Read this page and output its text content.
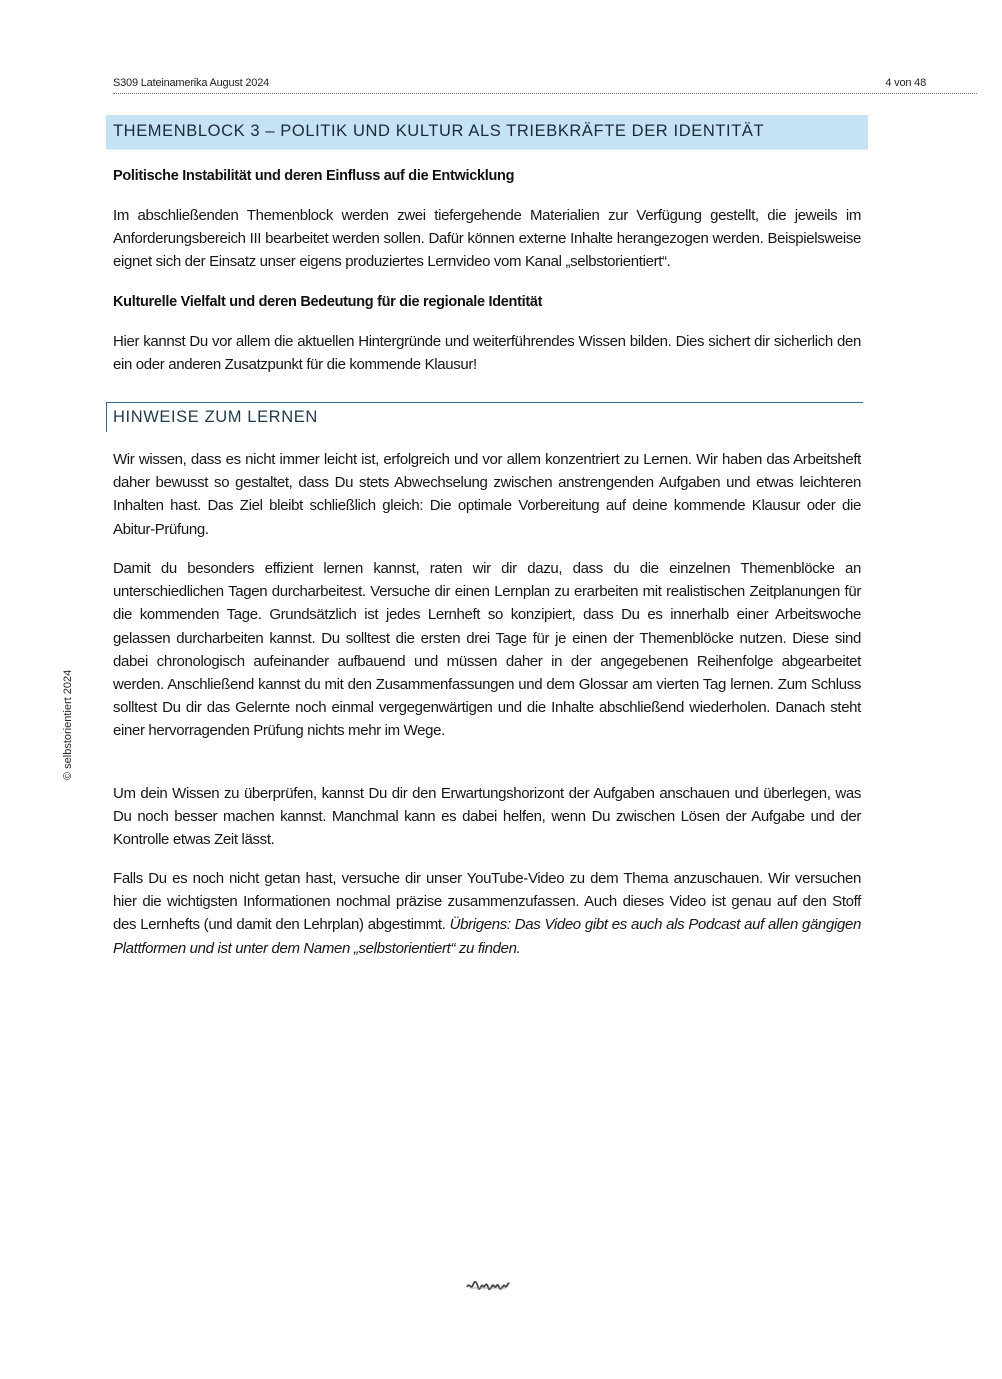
S309 Lateinamerika August 2024	4 von 48
THEMENBLOCK 3 – POLITIK UND KULTUR ALS TRIEBKRÄFTE DER IDENTITÄT
Politische Instabilität und deren Einfluss auf die Entwicklung
Im abschließenden Themenblock werden zwei tiefergehende Materialien zur Verfügung gestellt, die jeweils im Anforderungsbereich III bearbeitet werden sollen. Dafür können externe Inhalte herangezogen werden. Beispielsweise eignet sich der Einsatz unser eigens produziertes Lernvideo vom Kanal „selbstorientiert“.
Kulturelle Vielfalt und deren Bedeutung für die regionale Identität
Hier kannst Du vor allem die aktuellen Hintergründe und weiterführendes Wissen bilden. Dies sichert dir sicherlich den ein oder anderen Zusatzpunkt für die kommende Klausur!
HINWEISE ZUM LERNEN
Wir wissen, dass es nicht immer leicht ist, erfolgreich und vor allem konzentriert zu Lernen. Wir haben das Arbeitsheft daher bewusst so gestaltet, dass Du stets Abwechselung zwischen anstrengenden Aufgaben und etwas leichteren Inhalten hast. Das Ziel bleibt schließlich gleich: Die optimale Vorbereitung auf deine kommende Klausur oder die Abitur-Prüfung.
Damit du besonders effizient lernen kannst, raten wir dir dazu, dass du die einzelnen Themenblöcke an unterschiedlichen Tagen durcharbeitest. Versuche dir einen Lernplan zu erarbeiten mit realistischen Zeitplanungen für die kommenden Tage. Grundsätzlich ist jedes Lernheft so konzipiert, dass Du es innerhalb einer Arbeitswoche gelassen durcharbeiten kannst. Du solltest die ersten drei Tage für je einen der Themenblöcke nutzen. Diese sind dabei chronologisch aufeinander aufbauend und müssen daher in der angegebenen Reihenfolge abgearbeitet werden. Anschließend kannst du mit den Zusammenfassungen und dem Glossar am vierten Tag lernen. Zum Schluss solltest Du dir das Gelernte noch einmal vergegenwärtigen und die Inhalte abschließend wiederholen. Danach steht einer hervorragenden Prüfung nichts mehr im Wege.
Um dein Wissen zu überprüfen, kannst Du dir den Erwartungshorizont der Aufgaben anschauen und überlegen, was Du noch besser machen kannst. Manchmal kann es dabei helfen, wenn Du zwischen Lösen der Aufgabe und der Kontrolle etwas Zeit lässt.
Falls Du es noch nicht getan hast, versuche dir unser YouTube-Video zu dem Thema anzuschauen. Wir versuchen hier die wichtigsten Informationen nochmal präzise zusammenzufassen. Auch dieses Video ist genau auf den Stoff des Lernhefts (und damit den Lehrplan) abgestimmt. Übrigens: Das Video gibt es auch als Podcast auf allen gängigen Plattformen und ist unter dem Namen „selbstorientiert“ zu finden.
© selbstorientiert 2024
